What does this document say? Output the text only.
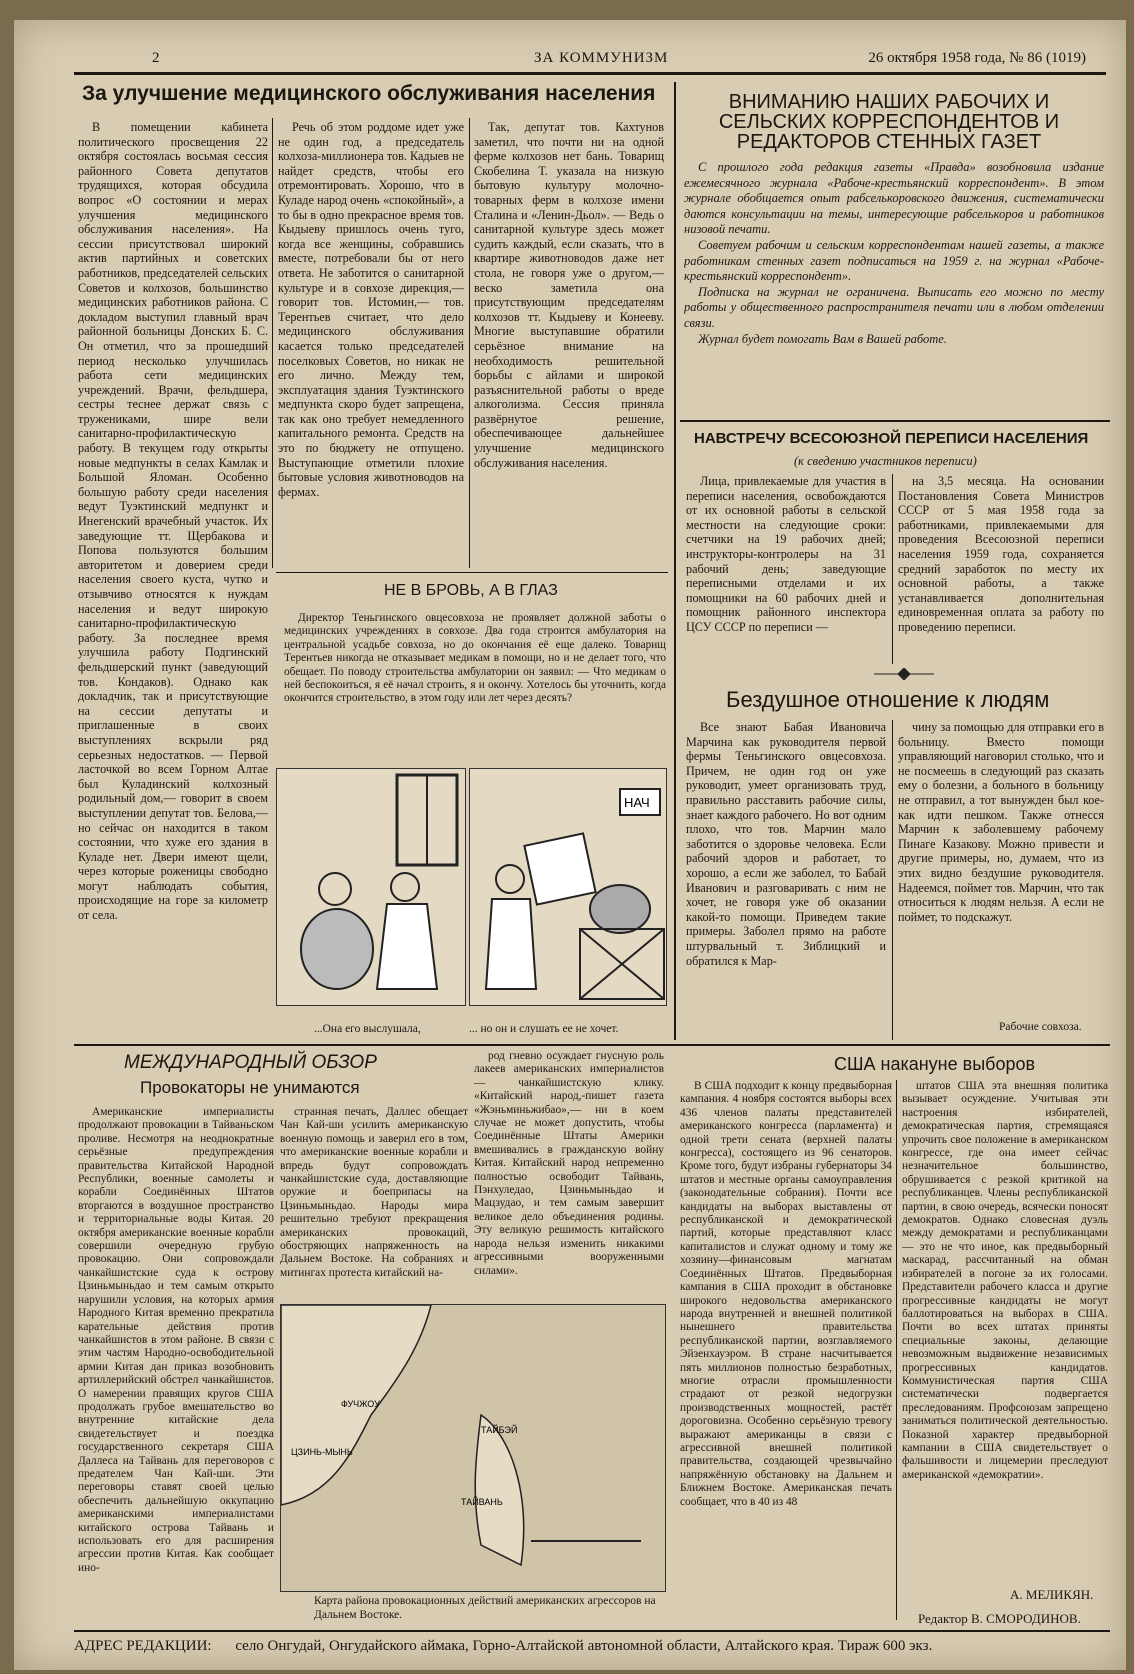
2	ЗА КОММУНИЗМ	26 октября 1958 года, № 86 (1019)
За улучшение медицинского обслуживания населения

В помещении кабинета политического просвещения 22 октября состоялась восьмая сессия районного Совета депутатов трудящихся, которая обсудила вопрос «О состоянии и мерах улучшения медицинского обслуживания населения». На сессии присутствовал широкий актив партийных и советских работников, председателей сельских Советов и колхозов, большинство медицинских работников района. С докладом выступил главный врач районной больницы Донских Б. С. Он отметил, что за прошедший период несколько улучшилась работа сети медицинских учреждений. Врачи, фельдшера, сестры теснее держат связь с тружениками, шире вели санитарно-профилактическую работу. В текущем году открыты новые медпункты в селах Камлак и Большой Яломан. Особенно большую работу среди населения ведут Туэктинский медпункт и Инегенский врачебный участок. Их заведующие тт. Щербакова и Попова пользуются большим авторитетом и доверием среди населения своего куста, чутко и отзывчиво относятся к нуждам населения и ведут широкую санитарно-профилактическую работу. За последнее время улучшила работу Подгинский фельдшерский пункт (заведующий тов. Кондаков). Однако как докладчик, так и присутствующие на сессии депутаты и приглашенные в своих выступлениях вскрыли ряд серьезных недостатков. — Первой ласточкой во всем Горном Алтае был Куладинский колхозный родильный дом,— говорит в своем выступлении депутат тов. Белова,— но сейчас он находится в таком состоянии, что хуже его здания в Куладе нет. Двери имеют щели, через которые роженицы свободно могут наблюдать события, происходящие на горе за километр от села.

Речь об этом роддоме идет уже не один год, а председатель колхоза-миллионера тов. Кадыев не найдет средств, чтобы его отремонтировать. Хорошо, что в Куладе народ очень «спокойный», а то бы в одно прекрасное время тов. Кыдыеву пришлось очень туго, когда все женщины, собравшись вместе, потребовали бы от него ответа. Не заботится о санитарной культуре и в совхозе дирекция,— говорит тов. Истомин,— тов. Терентьев считает, что дело медицинского обслуживания касается только председателей поселковых Советов, но никак не его лично. Между тем, эксплуатация здания Туэктинского медпункта скоро будет запрещена, так как оно требует немедленного капитального ремонта. Средств на это по бюджету не отпущено. Выступающие отметили плохие бытовые условия животноводов на фермах.

Так, депутат тов. Кахтунов заметил, что почти ни на одной ферме колхозов нет бань. Товарищ Скобелина Т. указала на низкую бытовую культуру молочно-товарных ферм в колхозе имени Сталина и «Ленин-Дьол». — Ведь о санитарной культуре здесь может судить каждый, если сказать, что в квартире животноводов даже нет стола, не говоря уже о другом,— веско заметила она присутствующим председателям колхозов тт. Кыдыеву и Конееву. Многие выступавшие обратили серьёзное внимание на необходимость решительной борьбы с айлами и широкой разъяснительной работы о вреде алкоголизма. Сессия приняла развёрнутое решение, обеспечивающее дальнейшее улучшение медицинского обслуживания населения.

НЕ В БРОВЬ, А В ГЛАЗ

Директор Теньгинского овцесовхоза не проявляет должной заботы о медицинских учреждениях в совхозе. Два года строится амбулатория на центральной усадьбе совхоза, но до окончания её еще далеко. Товарищ Терентьев никогда не отказывает медикам в помощи, но и не делает того, что обещает. По поводу строительства амбулатории он заявил: — Что медикам о ней беспокоиться, я её начал строить, я и окончу. Хотелось бы уточнить, когда окончится строительство, в этом году или лет через десять?

НАЧ
...Она его выслушала,	... но он и слушать ее не хочет.
ВНИМАНИЮ НАШИХ РАБОЧИХ И СЕЛЬСКИХ КОРРЕСПОНДЕНТОВ И РЕДАКТОРОВ СТЕННЫХ ГАЗЕТ

С прошлого года редакция газеты «Правда» возобновила издание ежемесячного журнала «Рабоче-крестьянский корреспондент». В этом журнале обобщается опыт рабселькоровского движения, систематически даются консультации на темы, интересующие рабселькоров и работников низовой печати.

Советуем рабочим и сельским корреспондентам нашей газеты, а также работникам стенных газет подписаться на 1959 г. на журнал «Рабоче-крестьянский корреспондент».

Подписка на журнал не ограничена. Выписать его можно по месту работы у общественного распространителя печати или в любом отделении связи.

Журнал будет помогать Вам в Вашей работе.

НАВСТРЕЧУ ВСЕСОЮЗНОЙ ПЕРЕПИСИ НАСЕЛЕНИЯ
(к сведению участников переписи)

Лица, привлекаемые для участия в переписи населения, освобождаются от их основной работы в сельской местности на следующие сроки: счетчики на 19 рабочих дней; инструкторы-контролеры на 31 рабочий день; заведующие переписными отделами и их помощники на 60 рабочих дней и помощник районного инспектора ЦСУ СССР по переписи —

на 3,5 месяца. На основании Постановления Совета Министров СССР от 5 мая 1958 года за работниками, привлекаемыми для проведения Всесоюзной переписи населения 1959 года, сохраняется средний заработок по месту их основной работы, а также устанавливается дополнительная единовременная оплата за работу по проведению переписи.

Бездушное отношение к людям

Все знают Бабая Ивановича Марчина как руководителя первой фермы Теньгинского овцесовхоза. Причем, не один год он уже руководит, умеет организовать труд, правильно расставить рабочие силы, знает каждого рабочего. Но вот одним плохо, что тов. Марчин мало заботится о здоровье человека. Если рабочий здоров и работает, то хорошо, а если же заболел, то Бабай Иванович и разговаривать с ним не хочет, не говоря уже об оказании какой-то помощи. Приведем такие примеры. Заболел прямо на работе штурвальный т. Зиблицкий и обратился к Мар-

чину за помощью для отправки его в больницу. Вместо помощи управляющий наговорил столько, что и не посмеешь в следующий раз сказать ему о болезни, а больного в больницу не отправил, а тот вынужден был кое-как идти пешком. Также отнесся Марчин к заболевшему рабочему Пинаге Казакову. Можно привести и другие примеры, но, думаем, что из этих видно бездушие руководителя. Надеемся, поймет тов. Марчин, что так относиться к людям нельзя. А если не поймет, то подскажут.

Рабочие совхоза.
МЕЖДУНАРОДНЫЙ ОБЗОР
Провокаторы не унимаются

Американские империалисты продолжают провокации в Тайваньском проливе. Несмотря на неоднократные серьёзные предупреждения правительства Китайской Народной Республики, военные самолеты и корабли Соединённых Штатов вторгаются в воздушное пространство и территориальные воды Китая. 20 октября американские военные корабли совершили очередную грубую провокацию. Они сопровождали чанкайшистские суда к острову Цзиньмыньдао и тем самым открыто нарушили условия, на которых армия Народного Китая временно прекратила карательные действия против чанкайшистов в этом районе. В связи с этим частям Народно-освободительной армии Китая дан приказ возобновить артиллерийский обстрел чанкайшистов. О намерении правящих кругов США продолжать грубое вмешательство во внутренние китайские дела свидетельствует и поездка государственного секретаря США Даллеса на Тайвань для переговоров с предателем Чан Кай-ши. Эти переговоры ставят своей целью обеспечить дальнейшую оккупацию американскими империалистами китайского острова Тайвань и использовать его для расширения агрессии против Китая. Как сообщает ино-

странная печать, Даллес обещает Чан Кай-ши усилить американскую военную помощь и заверил его в том, что американские военные корабли и впредь будут сопровождать чанкайшистские суда, доставляющие оружие и боеприпасы на Цзиньмыньдао. Народы мира решительно требуют прекращения американских провокаций, обостряющих напряженность на Дальнем Востоке. На собраниях и митингах протеста китайский на-

род гневно осуждает гнусную роль лакеев американских империалистов — чанкайшистскую клику. «Китайский народ,-пишет газета «Жэньминьжибао»,— ни в коем случае не может допустить, чтобы Соединённые Штаты Америки вмешивались в гражданскую войну Китая. Китайский народ непременно полностью освободит Тайвань, Пэнхуледао, Цзиньмыньдао и Мацзудао, и тем самым завершит великое дело объединения родины. Эту великую решимость китайского народа нельзя изменить никакими агрессивными вооруженными силами».

ФУЧЖОУ
ЦЗИНЬ-МЫНЬ
ТАЙБЭЙ
ТАЙВАНЬ
Карта района провокационных действий американских агрессоров на Дальнем Востоке.
США накануне выборов

В США подходит к концу предвыборная кампания. 4 ноября состоятся выборы всех 436 членов палаты представителей американского конгресса (парламента) и одной трети сената (верхней палаты конгресса), состоящего из 96 сенаторов. Кроме того, будут избраны губернаторы 34 штатов и местные органы самоуправления (законодательные собрания). Почти все кандидаты на выборах выставлены от республиканской и демократической партий, которые представляют класс капиталистов и служат одному и тому же хозяину—финансовым магнатам Соединённых Штатов. Предвыборная кампания в США проходит в обстановке широкого недовольства американского народа внутренней и внешней политикой нынешнего правительства республиканской партии, возглавляемого Эйзенхауэром. В стране насчитывается пять миллионов полностью безработных, многие отрасли промышленности страдают от резкой недогрузки производственных мощностей, растёт дороговизна. Особенно серьёзную тревогу выражают американцы в связи с агрессивной внешней политикой правительства, создающей чрезвычайно напряжённую обстановку на Дальнем и Ближнем Востоке. Американская печать сообщает, что в 40 из 48

штатов США эта внешняя политика вызывает осуждение. Учитывая эти настроения избирателей, демократическая партия, стремящаяся упрочить свое положение в американском конгрессе, где она имеет сейчас незначительное большинство, обрушивается с резкой критикой на республиканцев. Члены республиканской партии, в свою очередь, всячески поносят демократов. Однако словесная дуэль между демократами и республиканцами — это не что иное, как предвыборный маскарад, рассчитанный на обман избирателей в погоне за их голосами. Представители рабочего класса и другие прогрессивные кандидаты не могут баллотироваться на выборах в США. Почти во всех штатах приняты специальные законы, делающие невозможным выдвижение независимых прогрессивных кандидатов. Коммунистическая партия США систематически подвергается преследованиям. Профсоюзам запрещено заниматься политической деятельностью. Показной характер предвыборной кампании в США свидетельствует о фальшивости и лицемерии преследуют американской «демократии».

А. МЕЛИКЯН.
Редактор В. СМОРОДИНОВ.
АДРЕС РЕДАКЦИИ: село Онгудай, Онгудайского аймака, Горно-Алтайской автономной области, Алтайского края. Тираж 600 экз.
